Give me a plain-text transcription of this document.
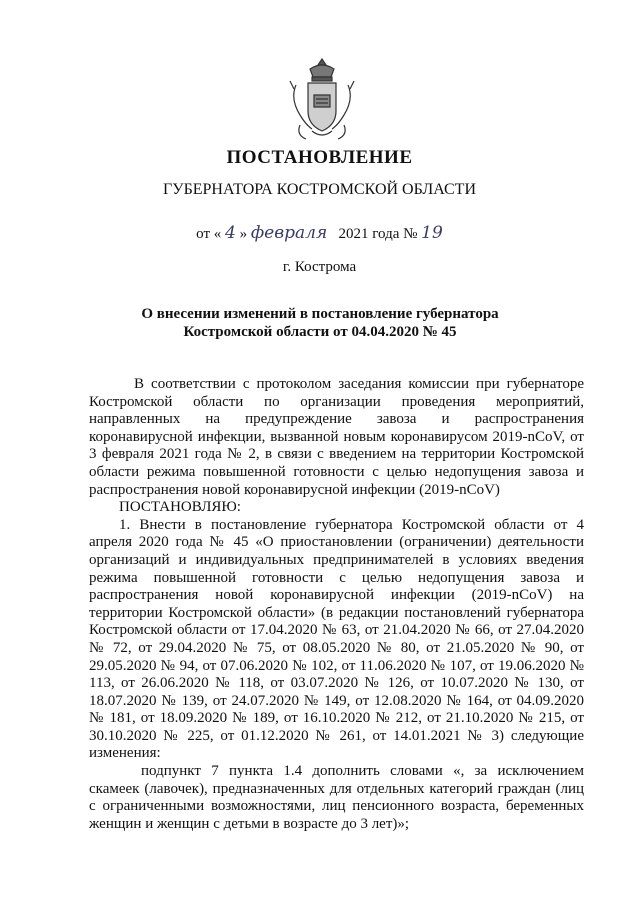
ПОСТАНОВЛЕНИЕ
ГУБЕРНАТОРА КОСТРОМСКОЙ ОБЛАСТИ
от « 4 » февраля 2021 года № 19
г. Кострома
О внесении изменений в постановление губернатора
Костромской области от 04.04.2020 № 45

В соответствии с протоколом заседания комиссии при губернаторе Костромской области по организации проведения мероприятий, направленных на предупреждение завоза и распространения коронавирусной инфекции, вызванной новым коронавирусом 2019-nCoV, от 3 февраля 2021 года № 2, в связи с введением на территории Костромской области режима повышенной готовности с целью недопущения завоза и распространения новой коронавирусной инфекции (2019-nCoV)

ПОСТАНОВЛЯЮ:

1. Внести в постановление губернатора Костромской области от 4 апреля 2020 года № 45 «О приостановлении (ограничении) деятельности организаций и индивидуальных предпринимателей в условиях введения режима повышенной готовности с целью недопущения завоза и распространения новой коронавирусной инфекции (2019-nCoV) на территории Костромской области» (в редакции постановлений губернатора Костромской области от 17.04.2020 № 63, от 21.04.2020 № 66, от 27.04.2020 № 72, от 29.04.2020 № 75, от 08.05.2020 № 80, от 21.05.2020 № 90, от 29.05.2020 № 94, от 07.06.2020 № 102, от 11.06.2020 № 107, от 19.06.2020 № 113, от 26.06.2020 № 118, от 03.07.2020 № 126, от 10.07.2020 № 130, от 18.07.2020 № 139, от 24.07.2020 № 149, от 12.08.2020 № 164, от 04.09.2020 № 181, от 18.09.2020 № 189, от 16.10.2020 № 212, от 21.10.2020 № 215, от 30.10.2020 № 225, от 01.12.2020 № 261, от 14.01.2021 № 3) следующие изменения:

подпункт 7 пункта 1.4 дополнить словами «, за исключением скамеек (лавочек), предназначенных для отдельных категорий граждан (лиц с ограниченными возможностями, лиц пенсионного возраста, беременных женщин и женщин с детьми в возрасте до 3 лет)»;
